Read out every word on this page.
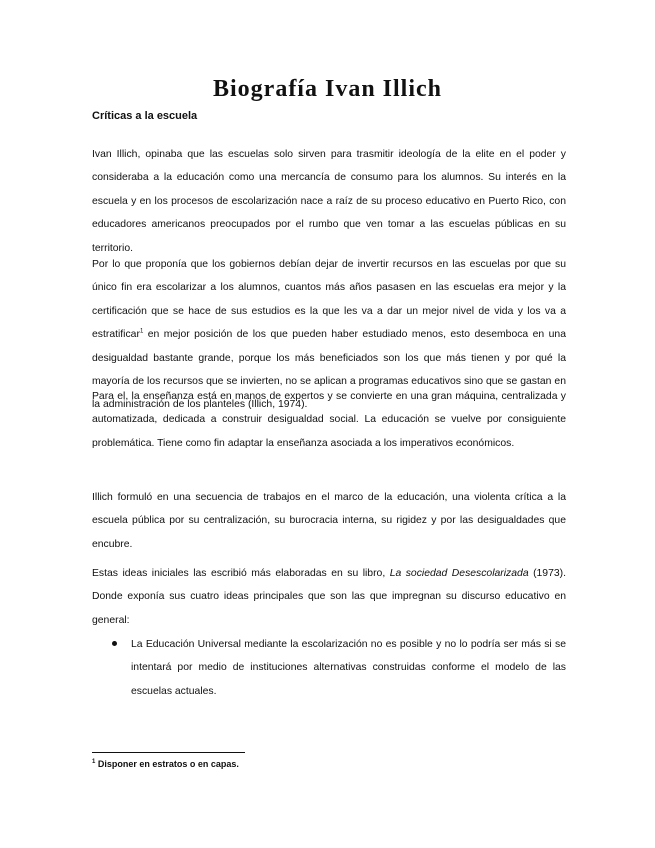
Biografía Ivan Illich

Críticas a la escuela

Ivan Illich, opinaba que las escuelas solo sirven para trasmitir ideología de la elite en el poder y consideraba a la educación como una mercancía de consumo para los alumnos. Su interés en la escuela y en los procesos de escolarización nace a raíz de su proceso educativo en Puerto Rico, con educadores americanos preocupados por el rumbo que ven tomar a las escuelas públicas en su territorio.

Por lo que proponía que los gobiernos debían dejar de invertir recursos en las escuelas por que su único fin era escolarizar a los alumnos, cuantos más años pasasen en las escuelas era mejor y la certificación que se hace de sus estudios es la que les va a dar un mejor nivel de vida y los va a estratificar$^1$ en mejor posición de los que pueden haber estudiado menos, esto desemboca en una desigualdad bastante grande, porque los más beneficiados son los que más tienen y por qué la mayoría de los recursos que se invierten, no se aplican a programas educativos sino que se gastan en la administración de los planteles (Illich, 1974).

Para el, la enseñanza está en manos de expertos y se convierte en una gran máquina, centralizada y automatizada, dedicada a construir desigualdad social. La educación se vuelve por consiguiente problemática. Tiene como fin adaptar la enseñanza asociada a los imperativos económicos.

Illich formuló en una secuencia de trabajos en el marco de la educación, una violenta crítica a la escuela pública por su centralización, su burocracia interna, su rigidez y por las desigualdades que encubre.

Estas ideas iniciales las escribió más elaboradas en su libro, La sociedad Desescolarizada (1973). Donde exponía sus cuatro ideas principales que son las que impregnan su discurso educativo en general:

La Educación Universal mediante la escolarización no es posible y no lo podría ser más si se intentará por medio de instituciones alternativas construidas conforme el modelo de las escuelas actuales.

$^1$ Disponer en estratos o en capas.
